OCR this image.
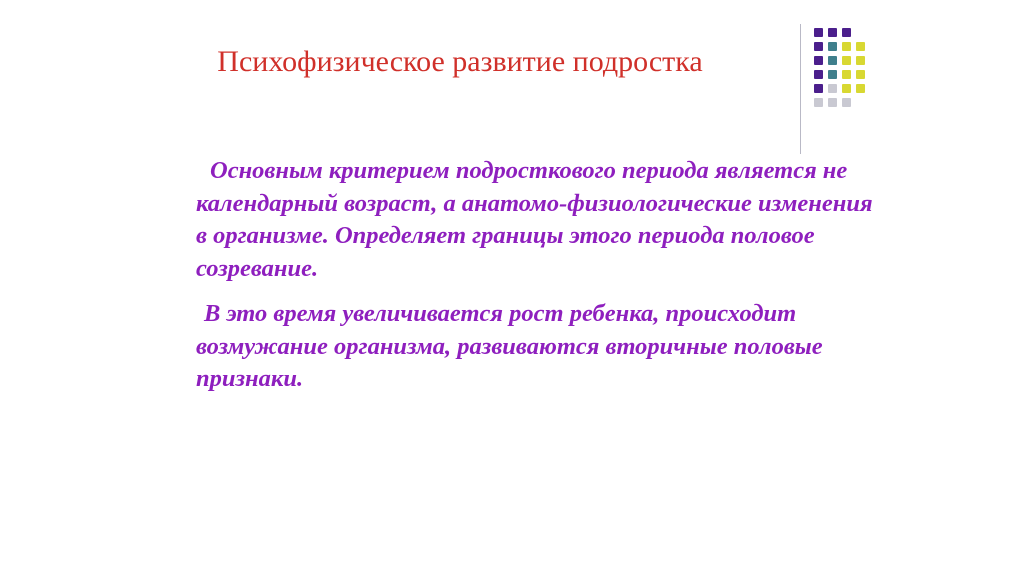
Психофизическое развитие подростка
Основным критерием подросткового периода является не календарный возраст, а анатомо-физиологические изменения в организме. Определяет границы этого периода половое созревание.
В это время увеличивается рост ребенка, происходит возмужание организма, развиваются вторичные половые признаки.
